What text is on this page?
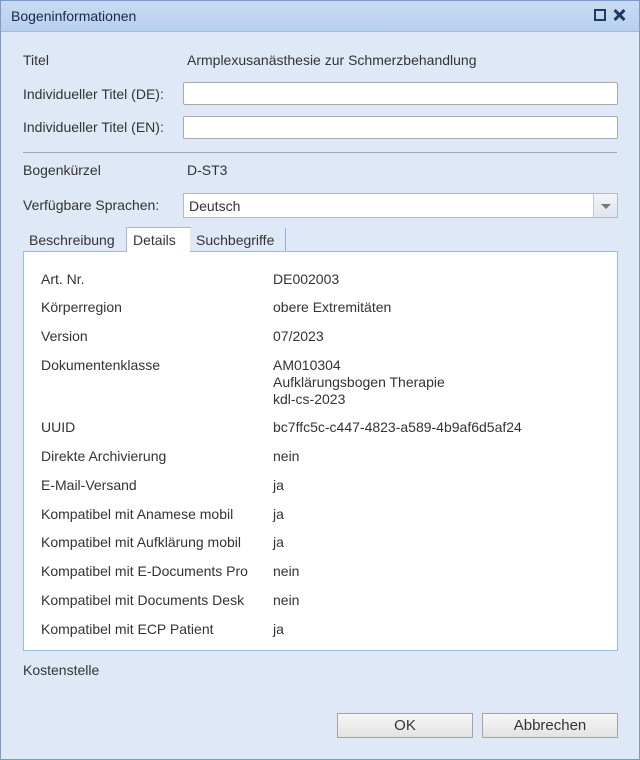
Bogeninformationen
Titel	Armplexusanästhesie zur Schmerzbehandlung
Individueller Titel (DE):
Individueller Titel (EN):
Bogenkürzel	D-ST3
Verfügbare Sprachen: Deutsch
Beschreibung	Details	Suchbegriffe
Art. Nr.	DE002003
Körperregion	obere Extremitäten
Version	07/2023
Dokumentenklasse	AM010304
Aufklärungsbogen Therapie
kdl-cs-2023
UUID	bc7ffc5c-c447-4823-a589-4b9af6d5af24
Direkte Archivierung	nein
E-Mail-Versand	ja
Kompatibel mit Anamese mobil	ja
Kompatibel mit Aufklärung mobil ja
Kompatibel mit E-Documents Pro nein
Kompatibel mit Documents Desk nein
Kompatibel mit ECP Patient	ja
Kostenstelle
OK	Abbrechen
